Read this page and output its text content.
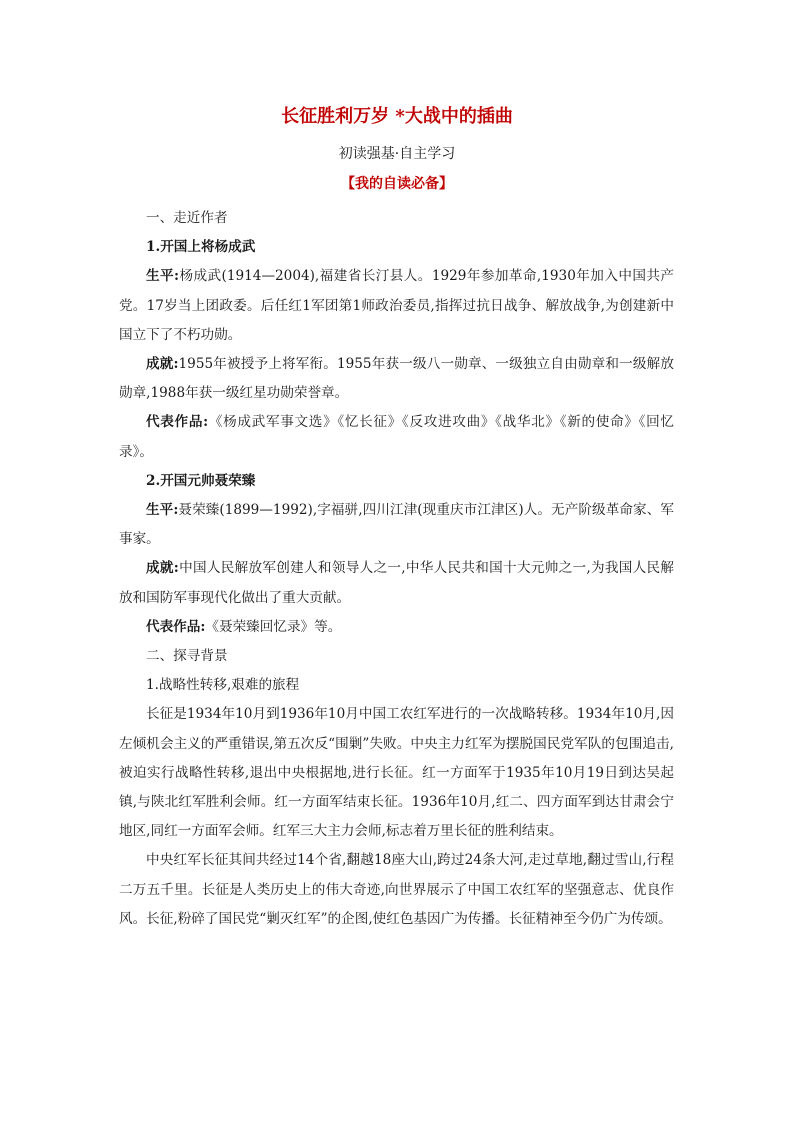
长征胜利万岁 *大战中的插曲
初读强基·自主学习
【我的自读必备】

一、走近作者

1.开国上将杨成武

生平:杨成武(1914—2004),福建省长汀县人。1929年参加革命,1930年加入中国共产党。17岁当上团政委。后任红1军团第1师政治委员,指挥过抗日战争、解放战争,为创建新中国立下了不朽功勋。

成就:1955年被授予上将军衔。1955年获一级八一勋章、一级独立自由勋章和一级解放勋章,1988年获一级红星功勋荣誉章。

代表作品:《杨成武军事文选》《忆长征》《反攻进攻曲》《战华北》《新的使命》《回忆录》。

2.开国元帅聂荣臻

生平:聂荣臻(1899—1992),字福骈,四川江津(现重庆市江津区)人。无产阶级革命家、军事家。

成就:中国人民解放军创建人和领导人之一,中华人民共和国十大元帅之一,为我国人民解放和国防军事现代化做出了重大贡献。

代表作品:《聂荣臻回忆录》等。

二、探寻背景

1.战略性转移,艰难的旅程

长征是1934年10月到1936年10月中国工农红军进行的一次战略转移。1934年10月,因左倾机会主义的严重错误,第五次反“围剿”失败。中央主力红军为摆脱国民党军队的包围追击,被迫实行战略性转移,退出中央根据地,进行长征。红一方面军于1935年10月19日到达吴起镇,与陕北红军胜利会师。红一方面军结束长征。1936年10月,红二、四方面军到达甘肃会宁地区,同红一方面军会师。红军三大主力会师,标志着万里长征的胜利结束。

中央红军长征其间共经过14个省,翻越18座大山,跨过24条大河,走过草地,翻过雪山,行程二万五千里。长征是人类历史上的伟大奇迹,向世界展示了中国工农红军的坚强意志、优良作风。长征,粉碎了国民党“剿灭红军”的企图,使红色基因广为传播。长征精神至今仍广为传颂。
